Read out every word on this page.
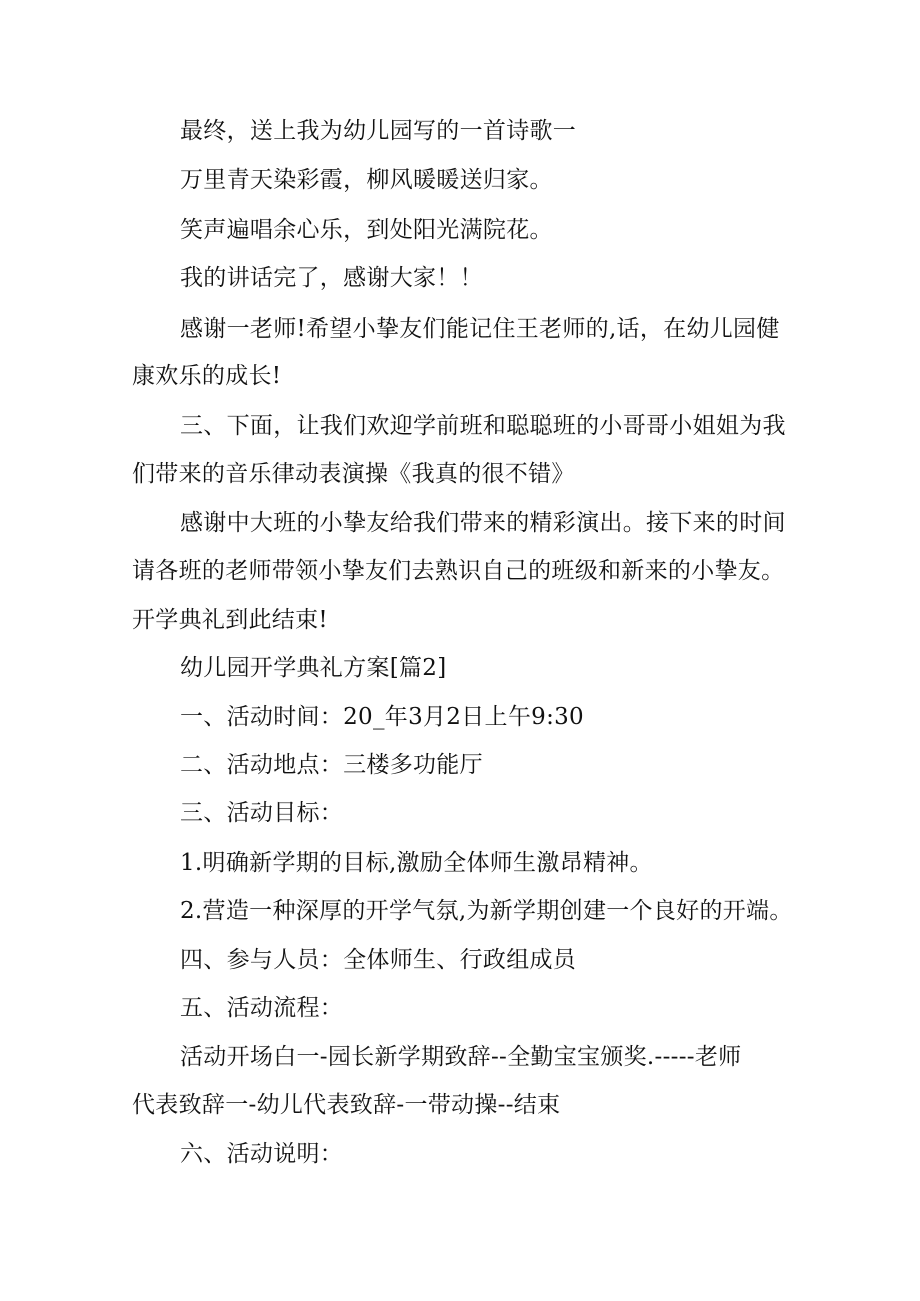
最终，送上我为幼儿园写的一首诗歌一
万里青天染彩霞，柳风暖暖送归家。
笑声遍唱余心乐，到处阳光满院花。
我的讲话完了，感谢大家！！
感谢一老师!希望小挚友们能记住王老师的,话，在幼儿园健
康欢乐的成长!
三、下面，让我们欢迎学前班和聪聪班的小哥哥小姐姐为我
们带来的音乐律动表演操《我真的很不错》
感谢中大班的小挚友给我们带来的精彩演出。接下来的时间
请各班的老师带领小挚友们去熟识自己的班级和新来的小挚友。
开学典礼到此结束!
幼儿园开学典礼方案[篇2]
一、活动时间：20_年3月2日上午9:30
二、活动地点：三楼多功能厅
三、活动目标：
1.明确新学期的目标,激励全体师生激昂精神。
2.营造一种深厚的开学气氛,为新学期创建一个良好的开端。
四、参与人员：全体师生、行政组成员
五、活动流程：
活动开场白一-园长新学期致辞--全勤宝宝颁奖.-----老师
代表致辞一-幼儿代表致辞-一带动操--结束
六、活动说明：
